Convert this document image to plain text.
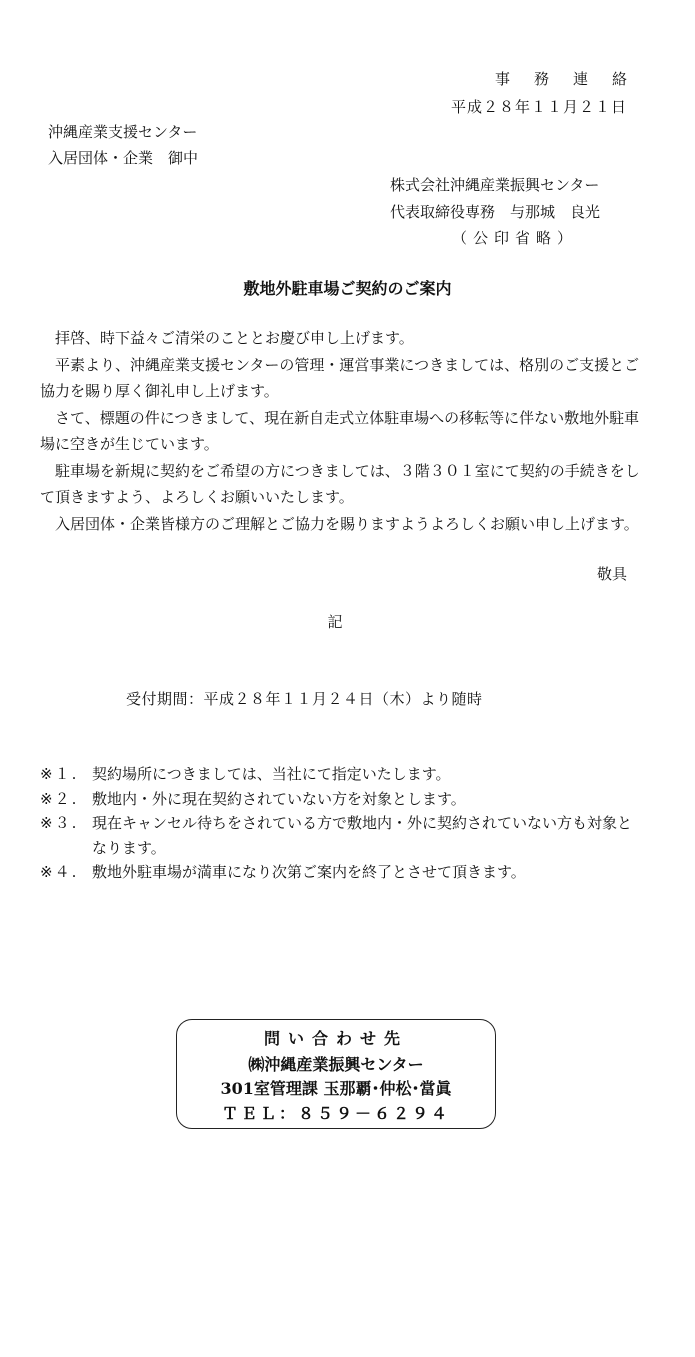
事務連絡
平成２８年１１月２１日
沖縄産業支援センター
入居団体・企業　御中
株式会社沖縄産業振興センター
代表取締役専務　与那城　良光
（公印省略）
敷地外駐車場ご契約のご案内

拝啓、時下益々ご清栄のこととお慶び申し上げます。

平素より、沖縄産業支援センターの管理・運営事業につきましては、格別のご支援とご協力を賜り厚く御礼申し上げます。

さて、標題の件につきまして、現在新自走式立体駐車場への移転等に伴ない敷地外駐車場に空きが生じています。

駐車場を新規に契約をご希望の方につきましては、３階３０１室にて契約の手続きをして頂きますよう、よろしくお願いいたします。

入居団体・企業皆様方のご理解とご協力を賜りますようよろしくお願い申し上げます。

敬具
記
受付期間：平成２８年１１月２４日（木）より随時
※１. 契約場所につきましては、当社にて指定いたします。
※２. 敷地内・外に現在契約されていない方を対象とします。
※３. 現在キャンセル待ちをされている方で敷地内・外に契約されていない方も対象となります。
※４. 敷地外駐車場が満車になり次第ご案内を終了とさせて頂きます。
問い合わせ先
㈱沖縄産業振興センター
301室管理課 玉那覇･仲松･當眞
ＴＥＬ：８５９－６２９４
